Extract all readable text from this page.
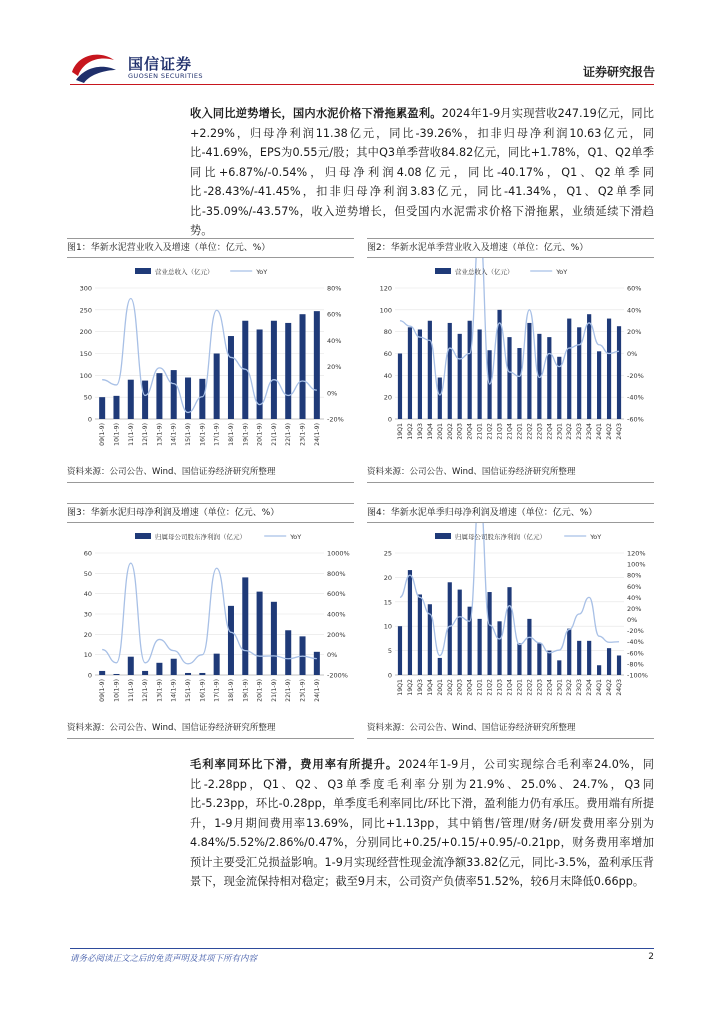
国信证券
GUOSEN SECURITIES	证券研究报告
收入同比逆势增长，国内水泥价格下滑拖累盈利。2024年1-9月实现营收247.19亿元，同比+2.29%，归母净利润11.38亿元，同比-39.26%，扣非归母净利润10.63亿元，同比-41.69%，EPS为0.55元/股；其中Q3单季营收84.82亿元，同比+1.78%，Q1、Q2单季同比+6.87%/-0.54%，归母净利润4.08亿元，同比-40.17%，Q1、Q2单季同比-28.43%/-41.45%，扣非归母净利润3.83亿元，同比-41.34%，Q1、Q2单季同比-35.09%/-43.57%，收入逆势增长，但受国内水泥需求价格下滑拖累，业绩延续下滑趋势。
图1：华新水泥营业收入及增速（单位：亿元、%）
0
50
100
150
200
250
300
-20%
0%
20%
40%
60%
80%
09(1-9) 10(1-9) 11(1-9) 12(1-9) 13(1-9) 14(1-9) 15(1-9) 16(1-9) 17(1-9) 18(1-9) 19(1-9) 20(1-9) 21(1-9) 22(1-9) 23(1-9) 24(1-9)
营业总收入（亿元）	YoY
资料来源：公司公告、Wind、国信证券经济研究所整理
图2：华新水泥单季营业收入及增速（单位：亿元、%）
0
20
40
60
80
100
120
-60%
-40%
-20%
0%
20%
40%
60%
19Q1 19Q2 19Q3 19Q4 20Q1 20Q2 20Q3 20Q4 21Q1 21Q2 21Q3 21Q4 22Q1 22Q2 22Q3 22Q4 23Q1 23Q2 23Q3 23Q4 24Q1 24Q2 24Q3
营业总收入（亿元）	YoY
资料来源：公司公告、Wind、国信证券经济研究所整理
图3：华新水泥归母净利润及增速（单位：亿元、%）
0
10
20
30
40
50
60
-200%
0%
200%
400%
600%
800%
1000%
09(1-9) 10(1-9) 11(1-9) 12(1-9) 13(1-9) 14(1-9) 15(1-9) 16(1-9) 17(1-9) 18(1-9) 19(1-9) 20(1-9) 21(1-9) 22(1-9) 23(1-9) 24(1-9)
归属母公司股东净利润（亿元）	YoY
资料来源：公司公告、Wind、国信证券经济研究所整理
图4：华新水泥单季归母净利润及增速（单位：亿元、%）
0
5
10
15
20
25
-100%
-80%
-60%
-40%
-20%
0%
20%
40%
60%
80%
100%
120%
19Q1 19Q2 19Q3 19Q4 20Q1 20Q2 20Q3 20Q4 21Q1 21Q2 21Q3 21Q4 22Q1 22Q2 22Q3 22Q4 23Q1 23Q2 23Q3 23Q4 24Q1 24Q2 24Q3
归属母公司股东净利润（亿元）	YoY
资料来源：公司公告、Wind、国信证券经济研究所整理
毛利率同环比下滑，费用率有所提升。2024年1-9月，公司实现综合毛利率24.0%，同比-2.28pp，Q1、Q2、Q3单季度毛利率分别为21.9%、25.0%、24.7%，Q3同比-5.23pp，环比-0.28pp，单季度毛利率同比/环比下滑，盈利能力仍有承压。费用端有所提升，1-9月期间费用率13.69%，同比+1.13pp，其中销售/管理/财务/研发费用率分别为4.84%/5.52%/2.86%/0.47%，分别同比+0.25/+0.15/+0.95/-0.21pp，财务费用率增加预计主要受汇兑损益影响。1-9月实现经营性现金流净额33.82亿元，同比-3.5%，盈利承压背景下，现金流保持相对稳定；截至9月末，公司资产负债率51.52%，较6月末降低0.66pp。
请务必阅读正文之后的免责声明及其项下所有内容	2
